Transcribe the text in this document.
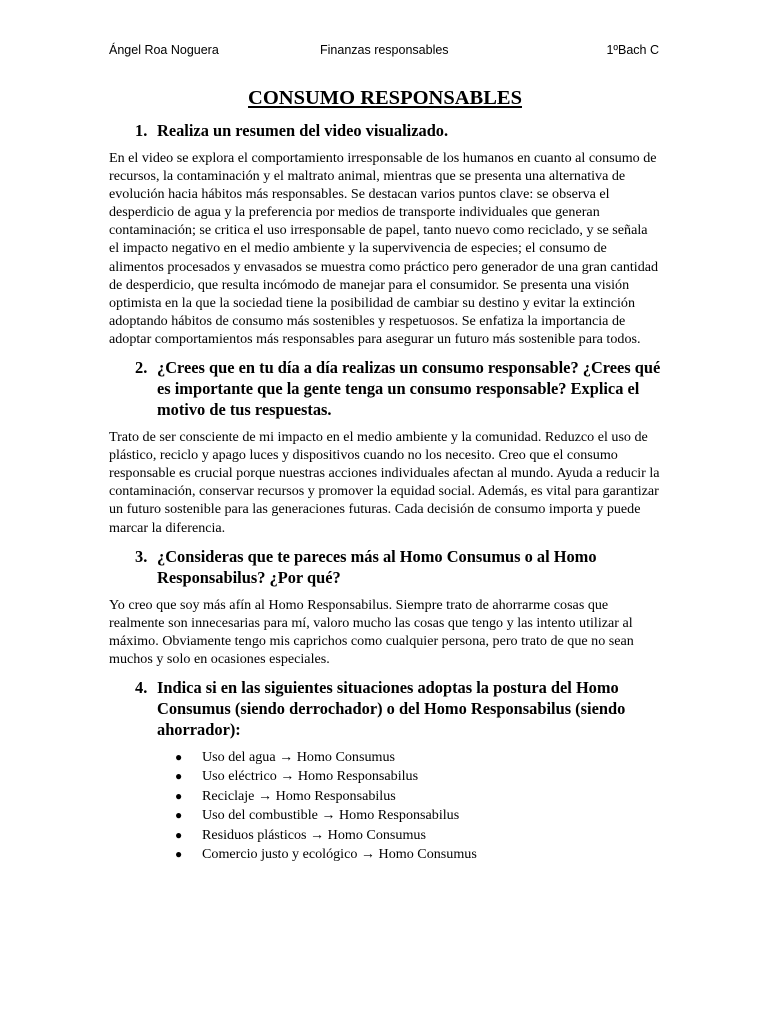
Ángel Roa Noguera	Finanzas responsables	1ºBach C
CONSUMO RESPONSABLES
1. Realiza un resumen del video visualizado.

En el video se explora el comportamiento irresponsable de los humanos en cuanto al consumo de recursos, la contaminación y el maltrato animal, mientras que se presenta una alternativa de evolución hacia hábitos más responsables. Se destacan varios puntos clave: se observa el desperdicio de agua y la preferencia por medios de transporte individuales que generan contaminación; se critica el uso irresponsable de papel, tanto nuevo como reciclado, y se señala el impacto negativo en el medio ambiente y la supervivencia de especies; el consumo de alimentos procesados y envasados se muestra como práctico pero generador de una gran cantidad de desperdicio, que resulta incómodo de manejar para el consumidor. Se presenta una visión optimista en la que la sociedad tiene la posibilidad de cambiar su destino y evitar la extinción adoptando hábitos de consumo más sostenibles y respetuosos. Se enfatiza la importancia de adoptar comportamientos más responsables para asegurar un futuro más sostenible para todos.

2. ¿Crees que en tu día a día realizas un consumo responsable? ¿Crees qué es importante que la gente tenga un consumo responsable? Explica el motivo de tus respuestas.

Trato de ser consciente de mi impacto en el medio ambiente y la comunidad. Reduzco el uso de plástico, reciclo y apago luces y dispositivos cuando no los necesito. Creo que el consumo responsable es crucial porque nuestras acciones individuales afectan al mundo. Ayuda a reducir la contaminación, conservar recursos y promover la equidad social. Además, es vital para garantizar un futuro sostenible para las generaciones futuras. Cada decisión de consumo importa y puede marcar la diferencia.

3. ¿Consideras que te pareces más al Homo Consumus o al Homo Responsabilus? ¿Por qué?

Yo creo que soy más afín al Homo Responsabilus. Siempre trato de ahorrarme cosas que realmente son innecesarias para mí, valoro mucho las cosas que tengo y las intento utilizar al máximo. Obviamente tengo mis caprichos como cualquier persona, pero trato de que no sean muchos y solo en ocasiones especiales.

4. Indica si en las siguientes situaciones adoptas la postura del Homo Consumus (siendo derrochador) o del Homo Responsabilus (siendo ahorrador):
●	Uso del agua → Homo Consumus
●	Uso eléctrico → Homo Responsabilus
●	Reciclaje → Homo Responsabilus
●	Uso del combustible → Homo Responsabilus
●	Residuos plásticos → Homo Consumus
●	Comercio justo y ecológico → Homo Consumus
